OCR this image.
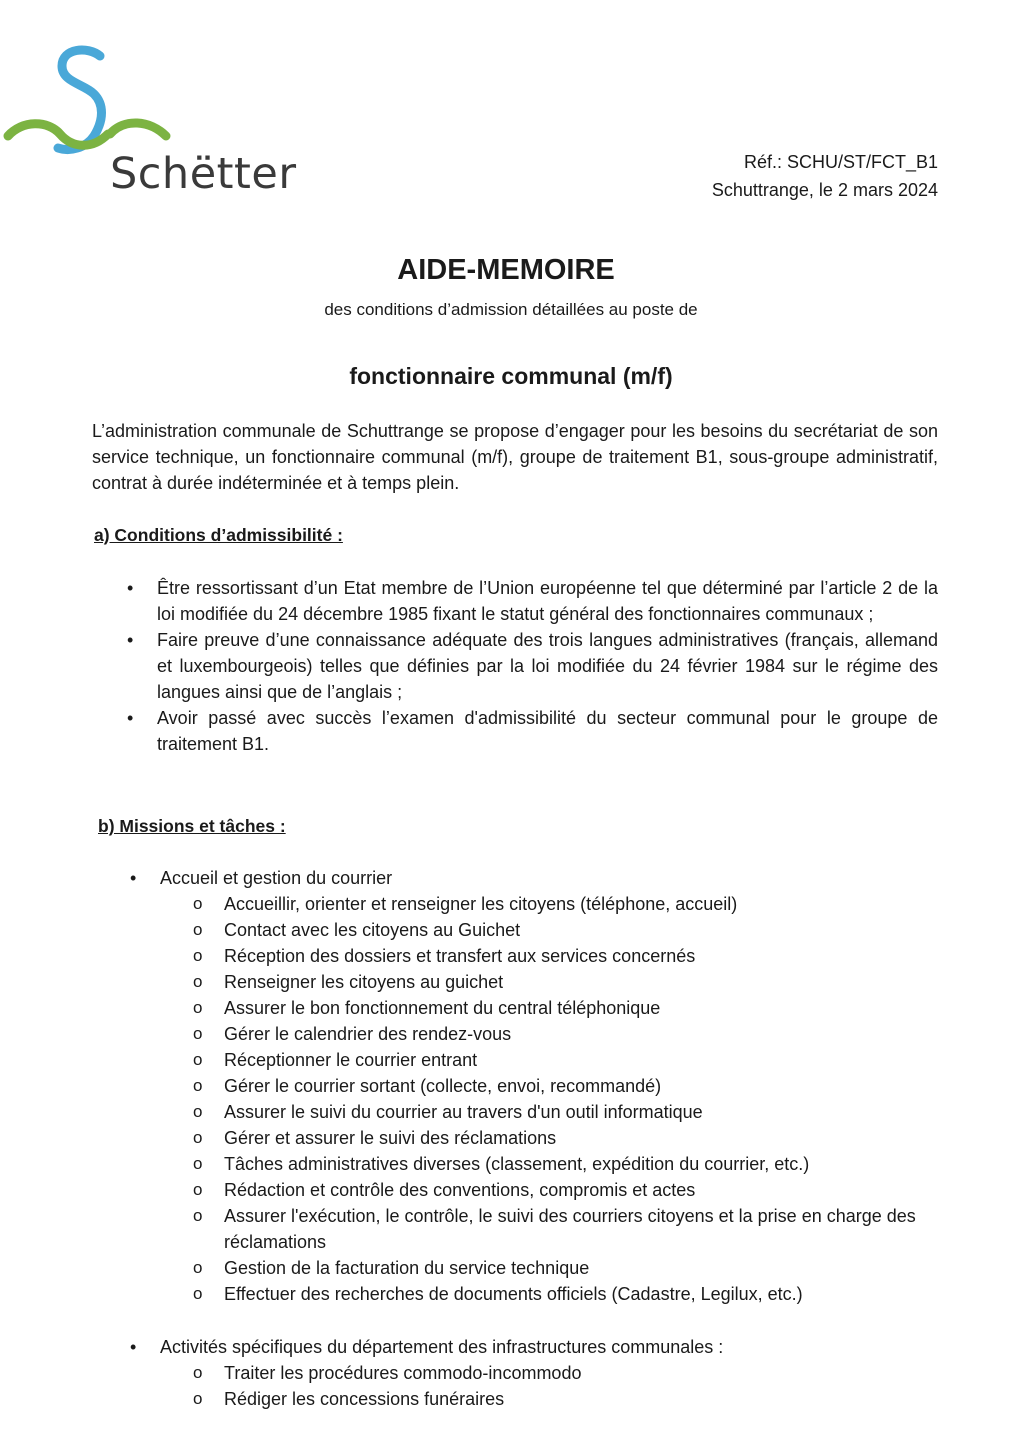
Schëtter	Réf.: SCHU/ST/FCT_B1
Schuttrange, le 2 mars 2024
AIDE-MEMOIRE
des conditions d’admission détaillées au poste de
fonctionnaire communal (m/f)

L’administration communale de Schuttrange se propose d’engager pour les besoins du secrétariat de son service technique, un fonctionnaire communal (m/f), groupe de traitement B1, sous-groupe administratif, contrat à durée indéterminée et à temps plein.

a) Conditions d’admissibilité :
• Être ressortissant d’un Etat membre de l’Union européenne tel que déterminé par l’article 2 de la loi modifiée du 24 décembre 1985 fixant le statut général des fonctionnaires communaux ;
• Faire preuve d’une connaissance adéquate des trois langues administratives (français, allemand et luxembourgeois) telles que définies par la loi modifiée du 24 février 1984 sur le régime des langues ainsi que de l’anglais ;
• Avoir passé avec succès l’examen d'admissibilité du secteur communal pour le groupe de traitement B1.
b) Missions et tâches :
• Accueil et gestion du courrier
o Accueillir, orienter et renseigner les citoyens (téléphone, accueil)
o Contact avec les citoyens au Guichet
o Réception des dossiers et transfert aux services concernés
o Renseigner les citoyens au guichet
o Assurer le bon fonctionnement du central téléphonique
o Gérer le calendrier des rendez-vous
o Réceptionner le courrier entrant
o Gérer le courrier sortant (collecte, envoi, recommandé)
o Assurer le suivi du courrier au travers d'un outil informatique
o Gérer et assurer le suivi des réclamations
o Tâches administratives diverses (classement, expédition du courrier, etc.)
o Rédaction et contrôle des conventions, compromis et actes
o Assurer l'exécution, le contrôle, le suivi des courriers citoyens et la prise en charge des réclamations
o Gestion de la facturation du service technique
o Effectuer des recherches de documents officiels (Cadastre, Legilux, etc.)
• Activités spécifiques du département des infrastructures communales :
o Traiter les procédures commodo-incommodo
o Rédiger les concessions funéraires
